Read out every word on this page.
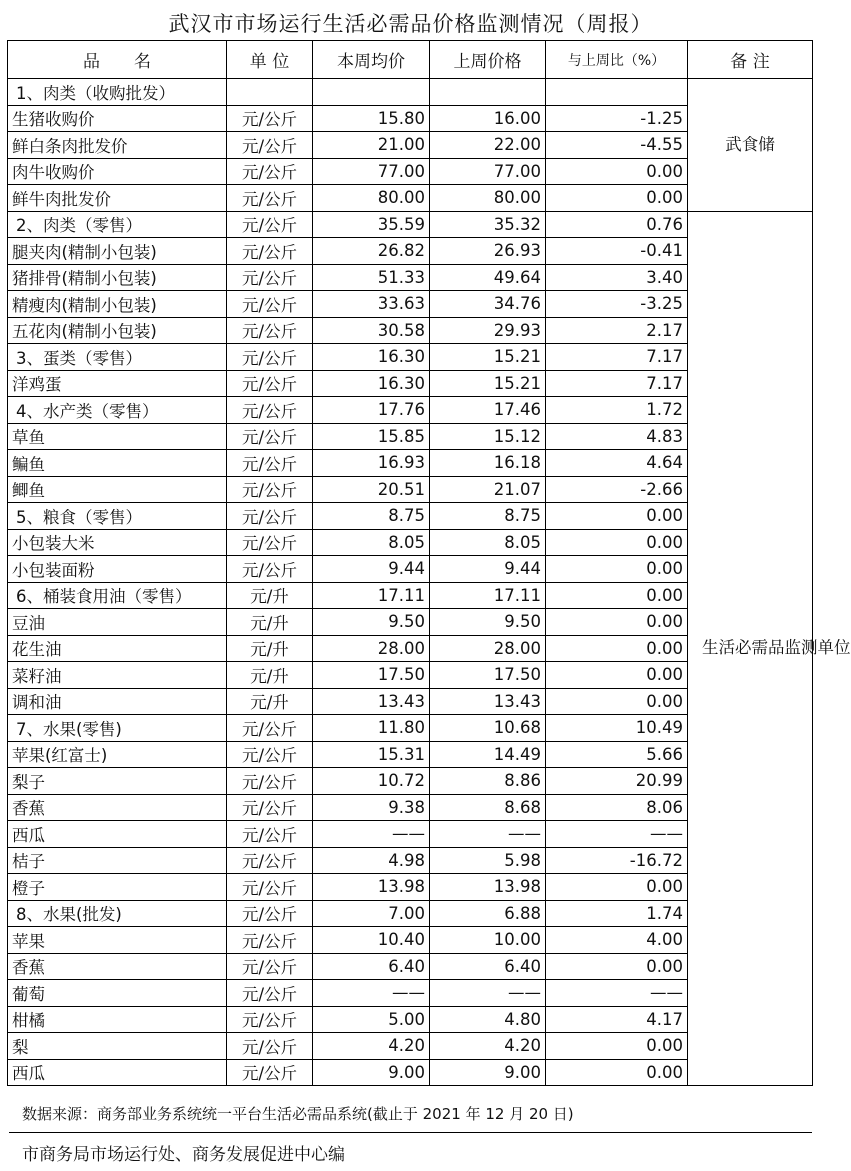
武汉市市场运行生活必需品价格监测情况（周报）
品　　名	单 位	本周均价	上周价格	与上周比（%）	备 注
1、肉类（收购批发）					武食储
生猪收购价	元/公斤	15.80	16.00	-1.25	
鲜白条肉批发价	元/公斤	21.00	22.00	-4.55	
肉牛收购价	元/公斤	77.00	77.00	0.00	
鲜牛肉批发价	元/公斤	80.00	80.00	0.00	
2、肉类（零售）	元/公斤	35.59	35.32	0.76	生活必需品监测单位
腿夹肉(精制小包装)	元/公斤	26.82	26.93	-0.41	
猪排骨(精制小包装)	元/公斤	51.33	49.64	3.40	
精瘦肉(精制小包装)	元/公斤	33.63	34.76	-3.25	
五花肉(精制小包装)	元/公斤	30.58	29.93	2.17	
3、蛋类（零售）	元/公斤	16.30	15.21	7.17	
洋鸡蛋	元/公斤	16.30	15.21	7.17	
4、水产类（零售）	元/公斤	17.76	17.46	1.72	
草鱼	元/公斤	15.85	15.12	4.83	
鳊鱼	元/公斤	16.93	16.18	4.64	
鲫鱼	元/公斤	20.51	21.07	-2.66	
5、粮食（零售）	元/公斤	8.75	8.75	0.00	
小包装大米	元/公斤	8.05	8.05	0.00	
小包装面粉	元/公斤	9.44	9.44	0.00	
6、桶装食用油（零售）	元/升	17.11	17.11	0.00	
豆油	元/升	9.50	9.50	0.00	
花生油	元/升	28.00	28.00	0.00	
菜籽油	元/升	17.50	17.50	0.00	
调和油	元/升	13.43	13.43	0.00	
7、水果(零售)	元/公斤	11.80	10.68	10.49	
苹果(红富士)	元/公斤	15.31	14.49	5.66	
梨子	元/公斤	10.72	8.86	20.99	
香蕉	元/公斤	9.38	8.68	8.06	
西瓜	元/公斤	——	——	——	
桔子	元/公斤	4.98	5.98	-16.72	
橙子	元/公斤	13.98	13.98	0.00	
8、水果(批发)	元/公斤	7.00	6.88	1.74	
苹果	元/公斤	10.40	10.00	4.00	
香蕉	元/公斤	6.40	6.40	0.00	
葡萄	元/公斤	——	——	——	
柑橘	元/公斤	5.00	4.80	4.17	
梨	元/公斤	4.20	4.20	0.00	
西瓜	元/公斤	9.00	9.00	0.00	
数据来源：商务部业务系统统一平台生活必需品系统(截止于 2021 年 12 月 20 日)
市商务局市场运行处、商务发展促进中心编
